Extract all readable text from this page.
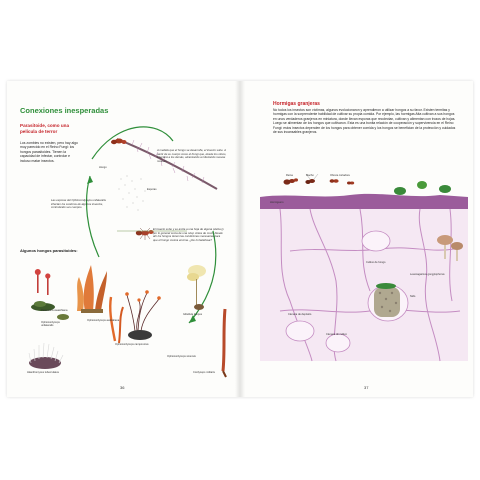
Conexiones inesperadas

Parasitoide, como una película de terror

Los zombies no existen, pero hay algo muy parecido en el Reino Fungi: los hongos parasitoides. Tienen la capacidad de infectar, controlar e incluso matar insectos.

A medida que el hongo se desarrolla, el insecto sube. A partir de su cuerpo crece el Fungi que, desde los olivos, infectará a los demás, alcanzando a infectando nuevas moscas.

Hongo

Esporas

Las esporas del Ophiocordyceps unilateralis infectan los cerebros de algunos insectos, controlando sus cuerpos.

El insecto sube y se ancla a una hoja de alguna planta (y por lo general cerca de una ruta). Antes de morir, Desde ahí los hongos tienen las condiciones necesarias para que el hongo crezca encima. ¿De lo fastidiosa?

Algunos hongos parasitoides:

Paracoana awasthiana

Ophiocordyceps australiana

Ophiocordyceps camponotus

Ophiocordyceps unilateralis

Cordyceps militaris

Akanthomyces tuberculatus

Gibellula leiopus

Ophiocordyceps sinensis

36

Hormigas granjeras

No todos los insectos son víctimas, algunos evolucionaron y aprendieron a utilizar hongos a su favor. Existen termitas y hormigas con la sorprendente habilidad de cultivar su propia comida. Por ejemplo, las hormigas Atta cultivan a sus hongos en unos verdaderos granjeros en miniatura, donde llevan esporas que recolectan, cultivan y alimentan con trozos de hojas. Luego se alimentan de los hongos que cultivaron. Esta es una bonita relación de cooperación y supervivencia en el Reino Fungi: estos insectos dependen de los hongos para obtener comida y los hongos se benefician de la protección y cuidados de sus incansables granjeros.

Reina	Macho	Obrera cortadora

Hormiguero

Cultivo de hongo

Leucoagaricus gongylophorus

Nido

Cámara de depósito

Cámara de cultivo

37
